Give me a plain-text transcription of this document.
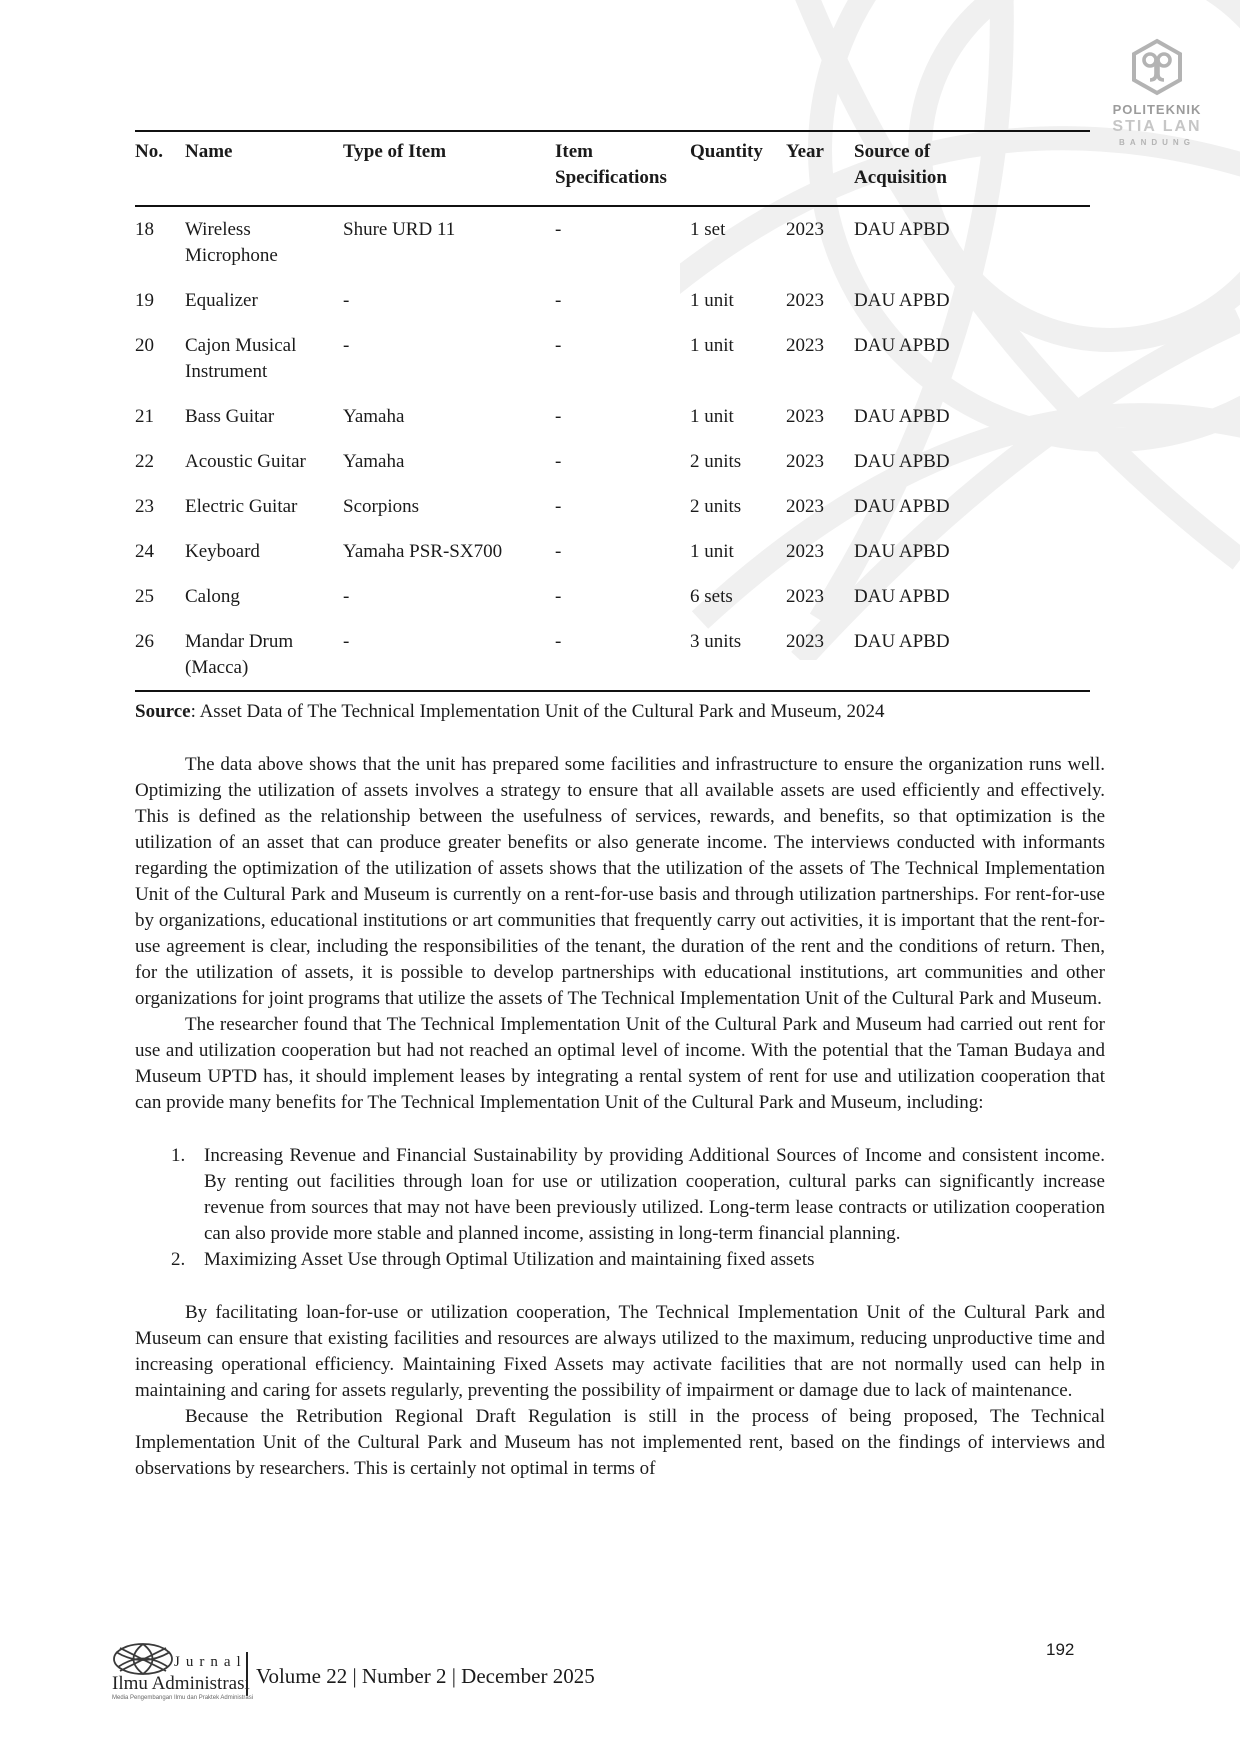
POLITEKNIK
STIA LAN
BANDUNG
No.	Name	Type of Item	Item Specifications	Quantity	Year	Source of Acquisition
18	Wireless Microphone	Shure URD 11	-	1 set	2023	DAU APBD
19	Equalizer	-	-	1 unit	2023	DAU APBD
20	Cajon Musical Instrument	-	-	1 unit	2023	DAU APBD
21	Bass Guitar	Yamaha	-	1 unit	2023	DAU APBD
22	Acoustic Guitar	Yamaha	-	2 units	2023	DAU APBD
23	Electric Guitar	Scorpions	-	2 units	2023	DAU APBD
24	Keyboard	Yamaha PSR-SX700	-	1 unit	2023	DAU APBD
25	Calong	-	-	6 sets	2023	DAU APBD
26	Mandar Drum (Macca)	-	-	3 units	2023	DAU APBD
Source: Asset Data of The Technical Implementation Unit of the Cultural Park and Museum, 2024

The data above shows that the unit has prepared some facilities and infrastructure to ensure the organization runs well. Optimizing the utilization of assets involves a strategy to ensure that all available assets are used efficiently and effectively. This is defined as the relationship between the usefulness of services, rewards, and benefits, so that optimization is the utilization of an asset that can produce greater benefits or also generate income. The interviews conducted with informants regarding the optimization of the utilization of assets shows that the utilization of the assets of The Technical Implementation Unit of the Cultural Park and Museum is currently on a rent-for-use basis and through utilization partnerships. For rent-for-use by organizations, educational institutions or art communities that frequently carry out activities, it is important that the rent-for-use agreement is clear, including the responsibilities of the tenant, the duration of the rent and the conditions of return. Then, for the utilization of assets, it is possible to develop partnerships with educational institutions, art communities and other organizations for joint programs that utilize the assets of The Technical Implementation Unit of the Cultural Park and Museum.

The researcher found that The Technical Implementation Unit of the Cultural Park and Museum had carried out rent for use and utilization cooperation but had not reached an optimal level of income. With the potential that the Taman Budaya and Museum UPTD has, it should implement leases by integrating a rental system of rent for use and utilization cooperation that can provide many benefits for The Technical Implementation Unit of the Cultural Park and Museum, including:

1. Increasing Revenue and Financial Sustainability by providing Additional Sources of Income and consistent income. By renting out facilities through loan for use or utilization cooperation, cultural parks can significantly increase revenue from sources that may not have been previously utilized. Long-term lease contracts or utilization cooperation can also provide more stable and planned income, assisting in long-term financial planning.
2. Maximizing Asset Use through Optimal Utilization and maintaining fixed assets

By facilitating loan-for-use or utilization cooperation, The Technical Implementation Unit of the Cultural Park and Museum can ensure that existing facilities and resources are always utilized to the maximum, reducing unproductive time and increasing operational efficiency. Maintaining Fixed Assets may activate facilities that are not normally used can help in maintaining and caring for assets regularly, preventing the possibility of impairment or damage due to lack of maintenance.

Because the Retribution Regional Draft Regulation is still in the process of being proposed, The Technical Implementation Unit of the Cultural Park and Museum has not implemented rent, based on the findings of interviews and observations by researchers. This is certainly not optimal in terms of

Jurnal
Ilmu Administrasi
Media Pengembangan Ilmu dan Praktek Administrasi
Volume 22 | Number 2 | December 2025
192
